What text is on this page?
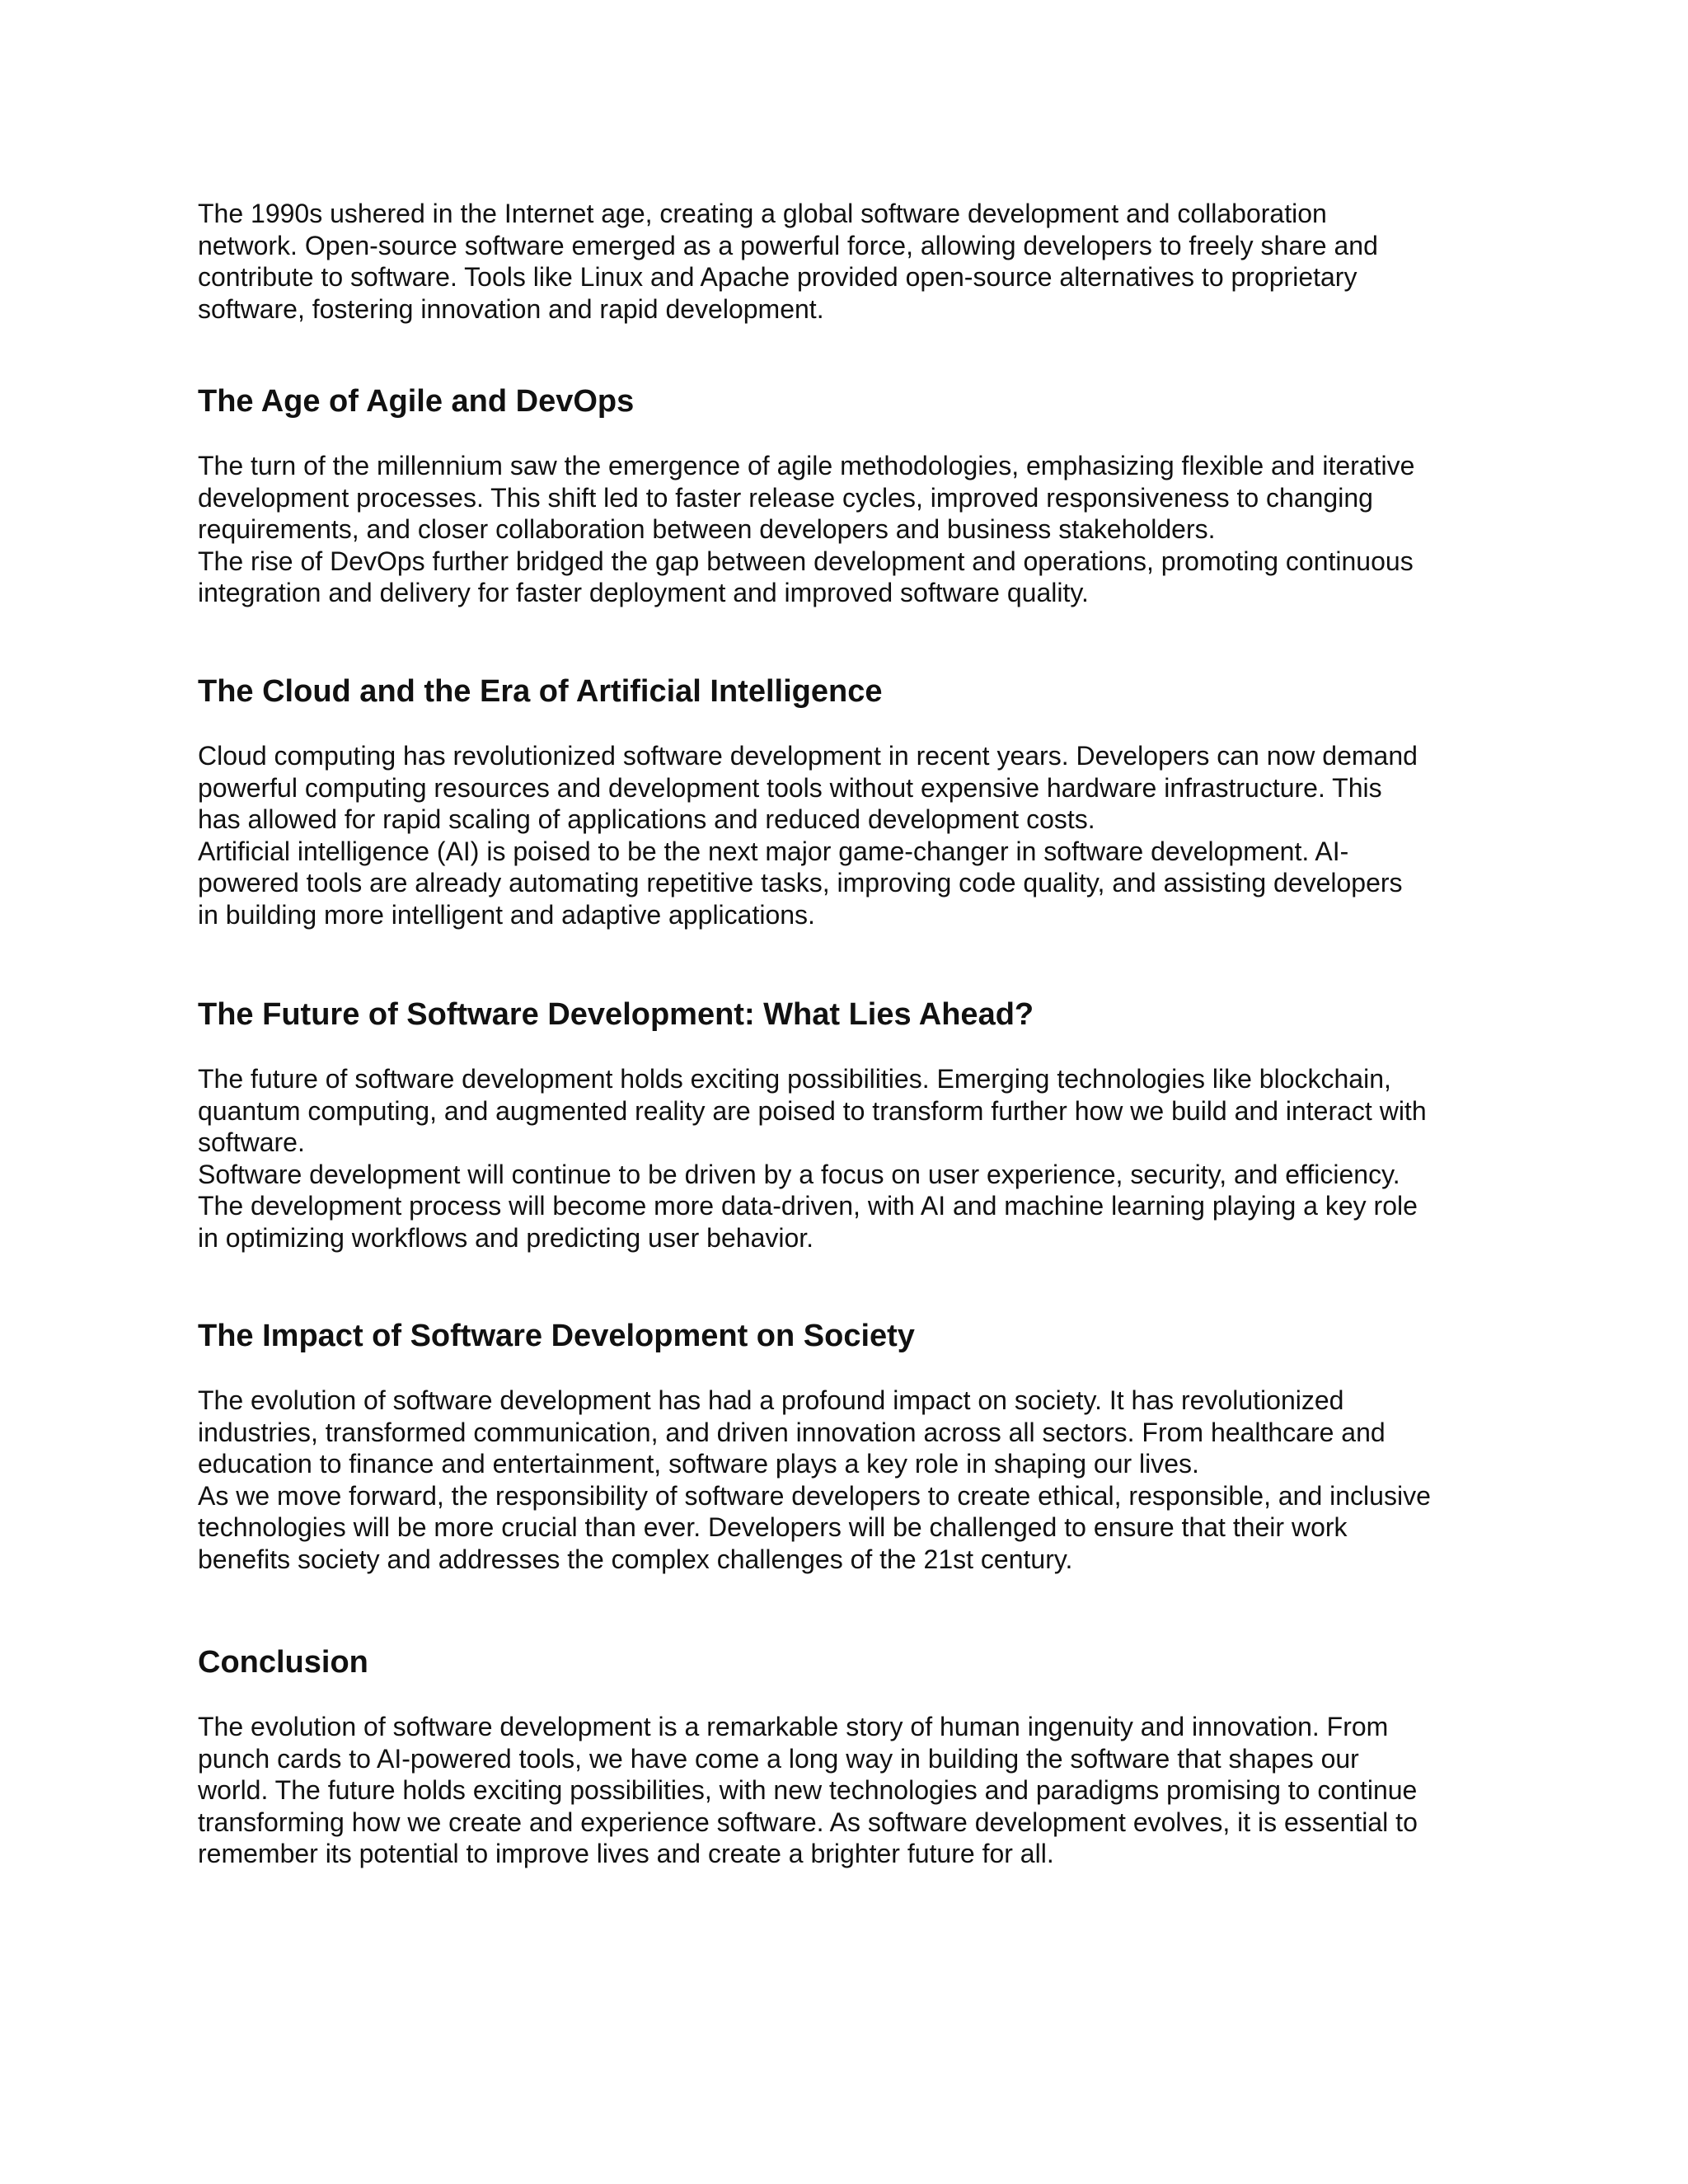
The 1990s ushered in the Internet age, creating a global software development and collaboration
network. Open-source software emerged as a powerful force, allowing developers to freely share and
contribute to software. Tools like Linux and Apache provided open-source alternatives to proprietary
software, fostering innovation and rapid development.

The Age of Agile and DevOps

The turn of the millennium saw the emergence of agile methodologies, emphasizing flexible and iterative
development processes. This shift led to faster release cycles, improved responsiveness to changing
requirements, and closer collaboration between developers and business stakeholders.
The rise of DevOps further bridged the gap between development and operations, promoting continuous
integration and delivery for faster deployment and improved software quality.

The Cloud and the Era of Artificial Intelligence

Cloud computing has revolutionized software development in recent years. Developers can now demand
powerful computing resources and development tools without expensive hardware infrastructure. This
has allowed for rapid scaling of applications and reduced development costs.
Artificial intelligence (AI) is poised to be the next major game-changer in software development. AI-
powered tools are already automating repetitive tasks, improving code quality, and assisting developers
in building more intelligent and adaptive applications.

The Future of Software Development: What Lies Ahead?

The future of software development holds exciting possibilities. Emerging technologies like blockchain,
quantum computing, and augmented reality are poised to transform further how we build and interact with
software.
Software development will continue to be driven by a focus on user experience, security, and efficiency.
The development process will become more data-driven, with AI and machine learning playing a key role
in optimizing workflows and predicting user behavior.

The Impact of Software Development on Society

The evolution of software development has had a profound impact on society. It has revolutionized
industries, transformed communication, and driven innovation across all sectors. From healthcare and
education to finance and entertainment, software plays a key role in shaping our lives.
As we move forward, the responsibility of software developers to create ethical, responsible, and inclusive
technologies will be more crucial than ever. Developers will be challenged to ensure that their work
benefits society and addresses the complex challenges of the 21st century.

Conclusion

The evolution of software development is a remarkable story of human ingenuity and innovation. From
punch cards to AI-powered tools, we have come a long way in building the software that shapes our
world. The future holds exciting possibilities, with new technologies and paradigms promising to continue
transforming how we create and experience software. As software development evolves, it is essential to
remember its potential to improve lives and create a brighter future for all.
